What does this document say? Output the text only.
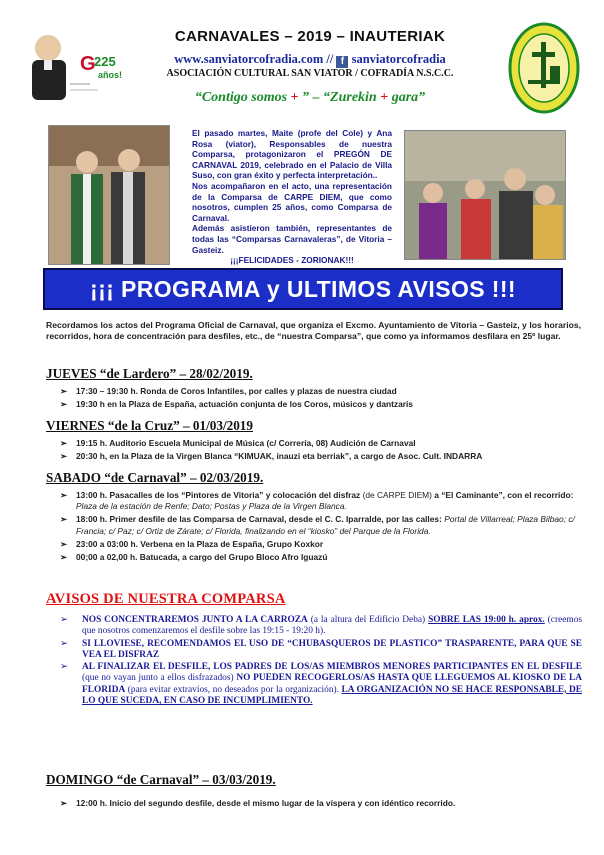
G
225
años!
CARNAVALES – 2019 – INAUTERIAK
www.sanviatorcofradia.com // f sanviatorcofradia
ASOCIACIÓN CULTURAL SAN VIATOR / COFRADÍA N.S.C.C.
“Contigo somos + ” – “Zurekin + gara”
El pasado martes, Maite (profe del Cole) y Ana Rosa (viator), Responsables de nuestra Comparsa, protagonizaron el PREGÓN DE CARNAVAL 2019, celebrado en el Palacio de Villa Suso, con gran éxito y perfecta interpretación..
Nos acompañaron en el acto, una representación de la Comparsa de CARPE DIEM, que como nosotros, cumplen 25 años, como Comparsa de Carnaval.
Además asistieron también, representantes de todas las “Comparsas Carnavaleras”, de Vitoria – Gasteiz.
¡¡¡FELICIDADES - ZORIONAK!!!
¡¡¡ PROGRAMA y ULTIMOS AVISOS !!!
Recordamos los actos del Programa Oficial de Carnaval, que organiza el Excmo. Ayuntamiento de Vitoria – Gasteiz, y los horarios, recorridos, hora de concentración para desfiles, etc., de “nuestra Comparsa”, que como ya informamos desfilara en 25º lugar.
JUEVES “de Lardero” – 28/02/2019.
➢ 17:30 – 19:30 h. Ronda de Coros Infantiles, por calles y plazas de nuestra ciudad
➢ 19:30 h en la Plaza de España, actuación conjunta de los Coros, músicos y dantzaris
VIERNES “de la Cruz” – 01/03/2019
➢ 19:15 h. Auditorio Escuela Municipal de Música (c/ Correría, 08) Audición de Carnaval
➢ 20:30 h, en la Plaza de la Virgen Blanca “KIMUAK, inauzi eta berriak”, a cargo de Asoc. Cult. INDARRA
SABADO “de Carnaval” – 02/03/2019.
➢ 13:00 h. Pasacalles de los “Pintores de Vitoria” y colocación del disfraz (de CARPE DIEM) a “El Caminante”, con el recorrido: Plaza de la estación de Renfe; Dato; Postas y Plaza de la Virgen Blanca.
➢ 18:00 h. Primer desfile de las Comparsa de Carnaval, desde el C. C. Iparralde, por las calles: Portal de Villarreal; Plaza Bilbao; c/ Francia; c/ Paz; c/ Ortiz de Zárate; c/ Florida, finalizando en el “kiosko” del Parque de la Florida.
➢ 23:00 a 03:00 h. Verbena en la Plaza de España, Grupo Koxkor
➢ 00;00 a 02,00 h. Batucada, a cargo del Grupo Bloco Afro Iguazú
AVISOS DE NUESTRA COMPARSA
➢ NOS CONCENTRAREMOS JUNTO A LA CARROZA (a la altura del Edificio Deba) SOBRE LAS 19:00 h. aprox. (creemos que nosotros comenzaremos el desfile sobre las 19:15 - 19:20 h).
➢ SI LLOVIESE, RECOMENDAMOS EL USO DE “CHUBASQUEROS DE PLASTICO” TRASPARENTE, PARA QUE SE VEA EL DISFRAZ
➢ AL FINALIZAR EL DESFILE, LOS PADRES DE LOS/AS MIEMBROS MENORES PARTICIPANTES EN EL DESFILE (que no vayan junto a ellos disfrazados) NO PUEDEN RECOGERLOS/AS HASTA QUE LLEGUEMOS AL KIOSKO DE LA FLORIDA (para evitar extravíos, no deseados por la organización). LA ORGANIZACIÓN NO SE HACE RESPONSABLE, DE LO QUE SUCEDA, EN CASO DE INCUMPLIMIENTO.
DOMINGO “de Carnaval” – 03/03/2019.
➢ 12:00 h. Inicio del segundo desfile, desde el mismo lugar de la víspera y con idéntico recorrido.
